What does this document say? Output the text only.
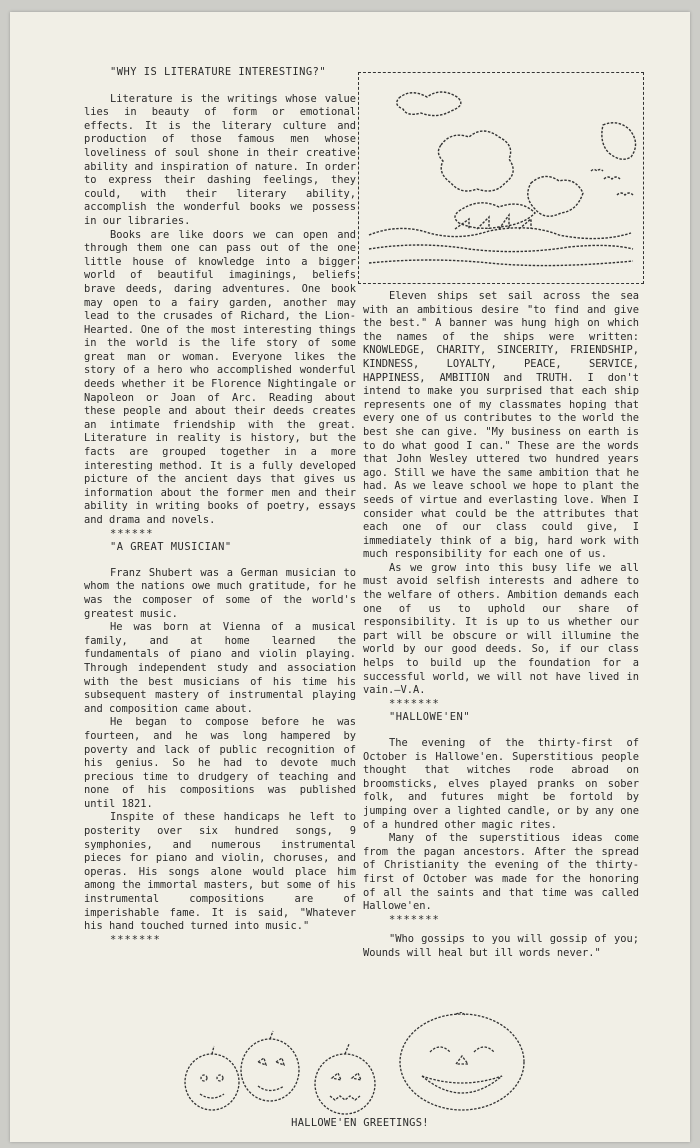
"WHY IS LITERATURE INTERESTING?"

Literature is the writings whose value lies in beauty of form or emotional effects. It is the literary culture and production of those famous men whose loveliness of soul shone in their creative ability and inspiration of nature. In order to express their dashing feelings, they could, with their literary ability, accomplish the wonderful books we possess in our libraries.

Books are like doors we can open and through them one can pass out of the one little house of knowledge into a bigger world of beautiful imaginings, beliefs brave deeds, daring adventures. One book may open to a fairy garden, another may lead to the crusades of Richard, the Lion-Hearted. One of the most interesting things in the world is the life story of some great man or woman. Everyone likes the story of a hero who accomplished wonderful deeds whether it be Florence Nightingale or Napoleon or Joan of Arc. Reading about these people and about their deeds creates an intimate friendship with the great. Literature in reality is history, but the facts are grouped together in a more interesting method. It is a fully developed picture of the ancient days that gives us information about the former men and their ability in writing books of poetry, essays and drama and novels.

******

"A GREAT MUSICIAN"

Franz Shubert was a German musician to whom the nations owe much gratitude, for he was the composer of some of the world's greatest music.

He was born at Vienna of a musical family, and at home learned the fundamentals of piano and violin playing. Through independent study and association with the best musicians of his time his subsequent mastery of instrumental playing and composition came about.

He began to compose before he was fourteen, and he was long hampered by poverty and lack of public recognition of his genius. So he had to devote much precious time to drudgery of teaching and none of his compositions was published until 1821.

Inspite of these handicaps he left to posterity over six hundred songs, 9 symphonies, and numerous instrumental pieces for piano and violin, choruses, and operas. His songs alone would place him among the immortal masters, but some of his instrumental compositions are of imperishable fame. It is said, "Whatever his hand touched turned into music."

*******

Eleven ships set sail across the sea with an ambitious desire "to find and give the best." A banner was hung high on which the names of the ships were written: KNOWLEDGE, CHARITY, SINCERITY, FRIENDSHIP, KINDNESS, LOYALTY, PEACE, SERVICE, HAPPINESS, AMBITION and TRUTH. I don't intend to make you surprised that each ship represents one of my classmates hoping that every one of us contributes to the world the best she can give. "My business on earth is to do what good I can." These are the words that John Wesley uttered two hundred years ago. Still we have the same ambition that he had. As we leave school we hope to plant the seeds of virtue and everlasting love. When I consider what could be the attributes that each one of our class could give, I immediately think of a big, hard work with much responsibility for each one of us.

As we grow into this busy life we all must avoid selfish interests and adhere to the welfare of others. Ambition demands each one of us to uphold our share of responsibility. It is up to us whether our part will be obscure or will illumine the world by our good deeds. So, if our class helps to build up the foundation for a successful world, we will not have lived in vain.—V.A.

*******

"HALLOWE'EN"

The evening of the thirty-first of October is Hallowe'en. Superstitious people thought that witches rode abroad on broomsticks, elves played pranks on sober folk, and futures might be fortold by jumping over a lighted candle, or by any one of a hundred other magic rites.

Many of the superstitious ideas come from the pagan ancestors. After the spread of Christianity the evening of the thirty-first of October was made for the honoring of all the saints and that time was called Hallowe'en.

*******

"Who gossips to you will gossip of you; Wounds will heal but ill words never."

HALLOWE'EN GREETINGS!
